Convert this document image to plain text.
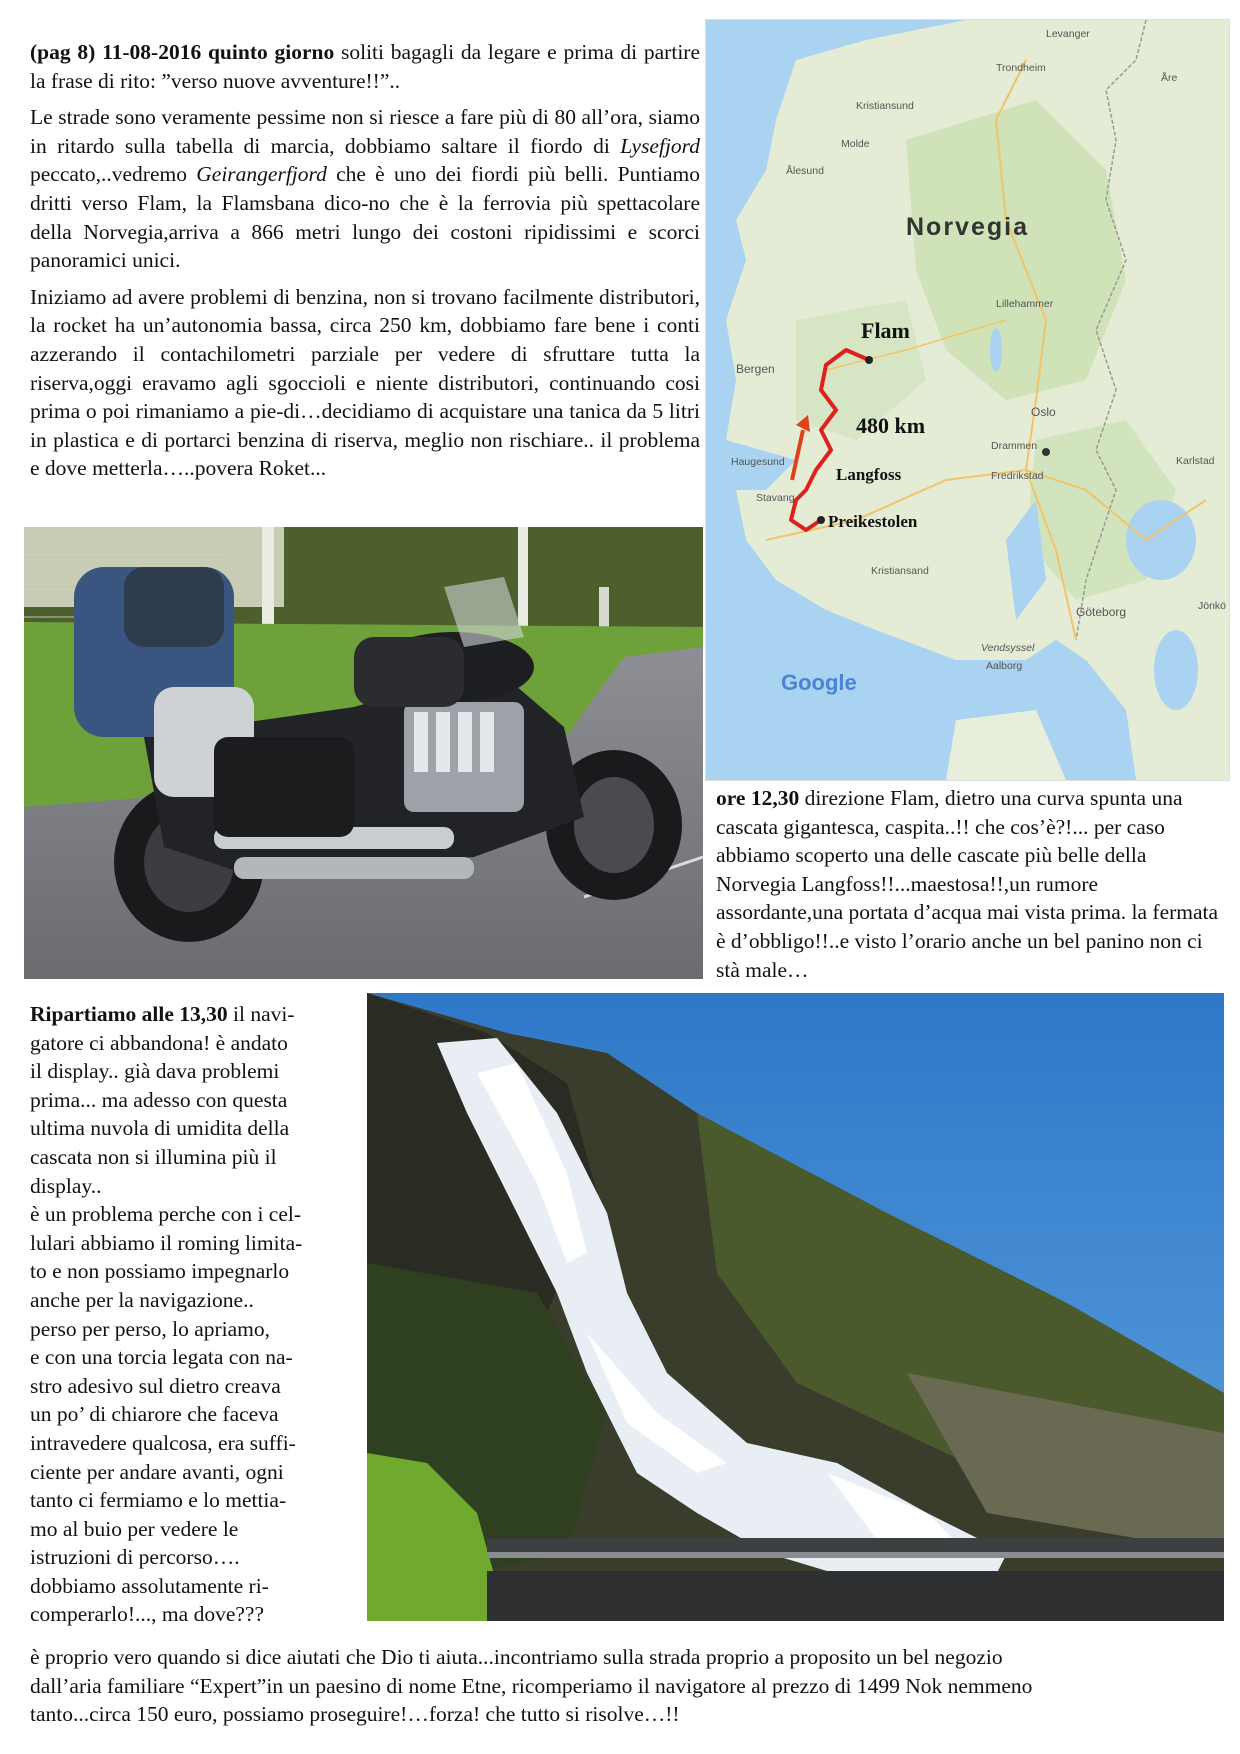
(pag 8) 11-08-2016 quinto giorno soliti bagagli da legare e prima di partire la frase di rito: ”verso nuove avventure!!”..

Le strade sono veramente pessime non si riesce a fare più di 80 all’ora, siamo in ritardo sulla tabella di marcia, dobbiamo saltare il fiordo di Lysefjord peccato,..vedremo Geirangerfjord che è uno dei fiordi più belli. Puntiamo dritti verso Flam, la Flamsbana dico-no che è la ferrovia più spettacolare della Norvegia,arriva a 866 metri lungo dei costoni ripidissimi e scorci panoramici unici.

Iniziamo ad avere problemi di benzina, non si trovano facilmente distributori, la rocket ha un’autonomia bassa, circa 250 km, dobbiamo fare bene i conti azzerando il contachilometri parziale per vedere di sfruttare tutta la riserva,oggi eravamo agli sgoccioli e niente distributori, continuando cosi prima o poi rimaniamo a pie-di…decidiamo di acquistare una tanica da 5 litri in plastica e di portarci benzina di riserva, meglio non rischiare.. il problema e dove metterla…..povera Roket...

Norvegia
Flam
480 km
Langfoss
Preikestolen
Levanger
Trondheim
Åre
Kristiansund
Molde
Ålesund
Lillehammer
Bergen
Oslo
Drammen
Haugesund
Stavang
Fredrikstad
Karlstad
Kristiansand
Göteborg	Jönkö
Vendsyssel
Aalborg
Google

ore 12,30 direzione Flam, dietro una curva spunta una cascata gigantesca, caspita..!! che cos’è?!... per caso abbiamo scoperto una delle cascate più belle della Norvegia Langfoss!!...maestosa!!,un rumore assordante,una portata d’acqua mai vista prima. la fermata è d’obbligo!!..e visto l’orario anche un bel panino non ci stà male…

Ripartiamo alle 13,30 il navi-
gatore ci abbandona! è andato
il display.. già dava problemi
prima... ma adesso con questa
ultima nuvola di umidita della
cascata non si illumina più il
display..
è un problema perche con i cel-
lulari abbiamo il roming limita-
to e non possiamo impegnarlo
anche per la navigazione..
perso per perso, lo apriamo,
e con una torcia legata con na-
stro adesivo sul dietro creava
un po’ di chiarore che faceva
intravedere qualcosa, era suffi-
ciente per andare avanti, ogni
tanto ci fermiamo e lo mettia-
mo al buio per vedere le
istruzioni di percorso….
dobbiamo assolutamente ri-
comperarlo!..., ma dove???
è proprio vero quando si dice aiutati che Dio ti aiuta...incontriamo sulla strada proprio a proposito un bel negozio
dall’aria familiare “Expert”in un paesino di nome Etne, ricomperiamo il navigatore al prezzo di 1499 Nok nemmeno
tanto...circa 150 euro, possiamo proseguire!…forza! che tutto si risolve…!!
